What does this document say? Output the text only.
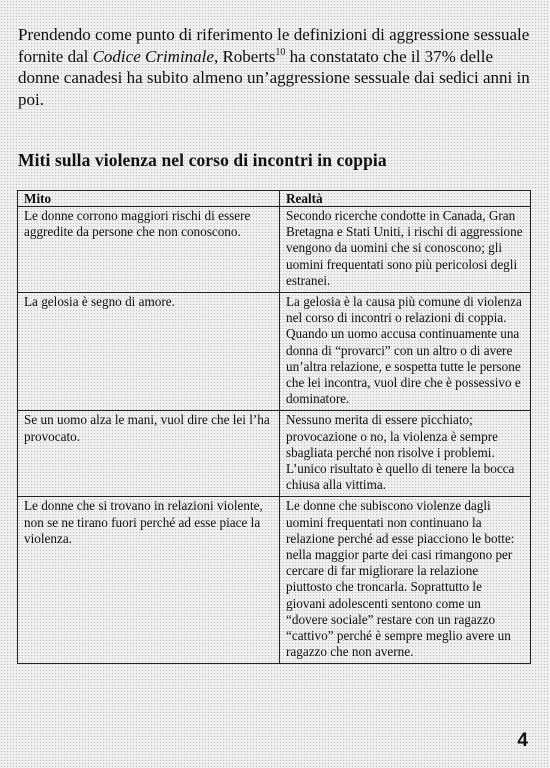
Prendendo come punto di riferimento le definizioni di aggressione sessuale fornite dal Codice Criminale, Roberts$^{10}$ ha constatato che il 37% delle donne canadesi ha subito almeno un’aggressione sessuale dai sedici anni in poi.

Miti sulla violenza nel corso di incontri in coppia
Mito	Realtà
Le donne corrono maggiori rischi di essere aggredite da persone che non conoscono.	Secondo ricerche condotte in Canada, Gran Bretagna e Stati Uniti, i rischi di aggressione vengono da uomini che si conoscono; gli uomini frequentati sono più pericolosi degli estranei.
La gelosia è segno di amore.	La gelosia è la causa più comune di violenza nel corso di incontri o relazioni di coppia. Quando un uomo accusa continuamente una donna di “provarci” con un altro o di avere un’altra relazione, e sospetta tutte le persone che lei incontra, vuol dire che è possessivo e dominatore.
Se un uomo alza le mani, vuol dire che lei l’ha provocato.	Nessuno merita di essere picchiato; provocazione o no, la violenza è sempre sbagliata perché non risolve i problemi. L’unico risultato è quello di tenere la bocca chiusa alla vittima.
Le donne che si trovano in relazioni violente, non se ne tirano fuori perché ad esse piace la violenza.	Le donne che subiscono violenze dagli uomini frequentati non continuano la relazione perché ad esse piacciono le botte: nella maggior parte dei casi rimangono per cercare di far migliorare la relazione piuttosto che troncarla. Soprattutto le giovani adolescenti sentono come un “dovere sociale” restare con un ragazzo “cattivo” perché è sempre meglio avere un ragazzo che non averne.
4
